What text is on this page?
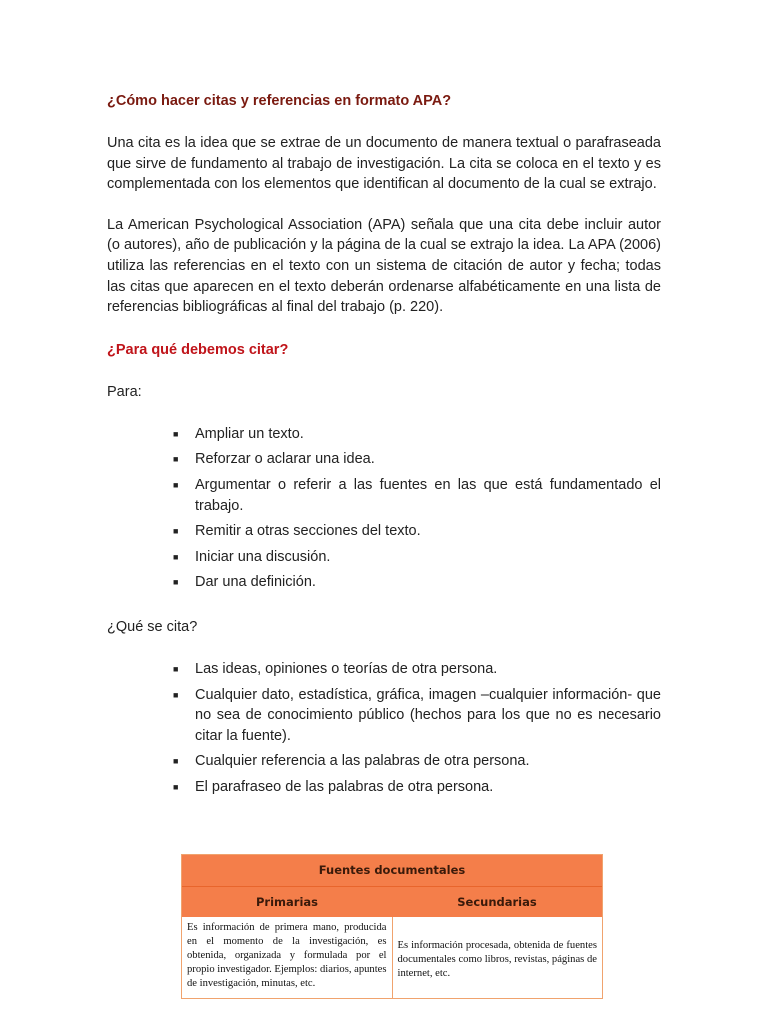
¿Cómo hacer citas y referencias en formato APA?

Una cita es la idea que se extrae de un documento de manera textual o parafraseada que sirve de fundamento al trabajo de investigación. La cita se coloca en el texto y es complementada con los elementos que identifican al documento de la cual se extrajo.

La American Psychological Association (APA) señala que una cita debe incluir autor (o autores), año de publicación y la página de la cual se extrajo la idea. La APA (2006) utiliza las referencias en el texto con un sistema de citación de autor y fecha; todas las citas que aparecen en el texto deberán ordenarse alfabéticamente en una lista de referencias bibliográficas al final del trabajo (p. 220).

¿Para qué debemos citar?

Para:

■ Ampliar un texto.
■ Reforzar o aclarar una idea.
■ Argumentar o referir a las fuentes en las que está fundamentado el trabajo.
■ Remitir a otras secciones del texto.
■ Iniciar una discusión.
■ Dar una definición.

¿Qué se cita?

■ Las ideas, opiniones o teorías de otra persona.
■ Cualquier dato, estadística, gráfica, imagen –cualquier información- que no sea de conocimiento público (hechos para los que no es necesario citar la fuente).
■ Cualquier referencia a las palabras de otra persona.
■ El parafraseo de las palabras de otra persona.
Fuentes documentales
Primarias	Secundarias
Es información de primera mano, producida en el momento de la investigación, es obtenida, organizada y formulada por el propio investigador. Ejemplos: diarios, apuntes de investigación, minutas, etc.
Es información procesada, obtenida de fuentes documentales como libros, revistas, páginas de internet, etc.
